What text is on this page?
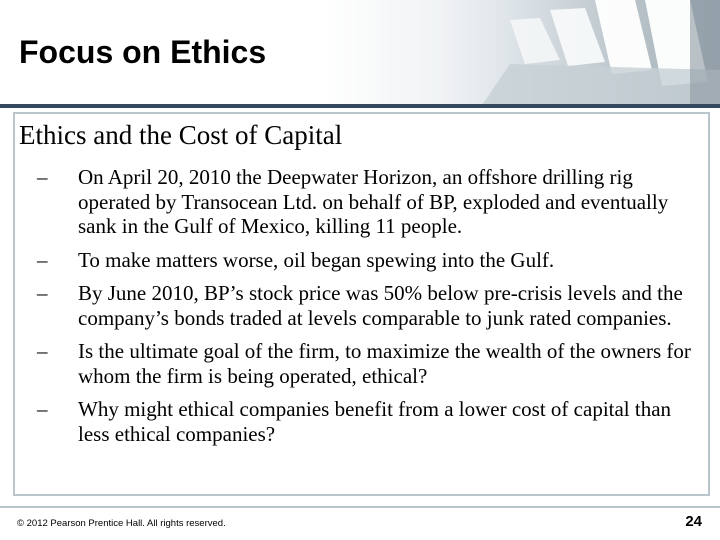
Focus on Ethics

Ethics and the Cost of Capital

– On April 20, 2010 the Deepwater Horizon, an offshore drilling rig operated by Transocean Ltd. on behalf of BP, exploded and eventually sank in the Gulf of Mexico, killing 11 people.
– To make matters worse, oil began spewing into the Gulf.
– By June 2010, BP’s stock price was 50% below pre-crisis levels and the company’s bonds traded at levels comparable to junk rated companies.
– Is the ultimate goal of the firm, to maximize the wealth of the owners for whom the firm is being operated, ethical?
– Why might ethical companies benefit from a lower cost of capital than less ethical companies?
© 2012 Pearson Prentice Hall. All rights reserved.	24
